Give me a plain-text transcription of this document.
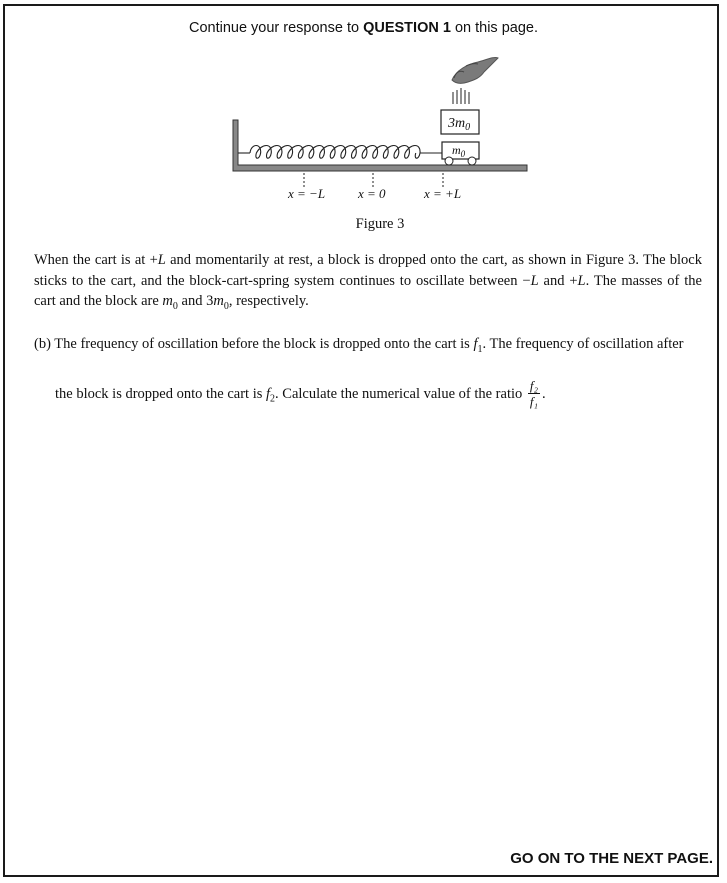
Continue your response to QUESTION 1 on this page.
$3m_0$
$m_0$
x = −L	x = 0	x = +L
Figure 3
When the cart is at +L and momentarily at rest, a block is dropped onto the cart, as shown in Figure 3. The block sticks to the cart, and the block-cart-spring system continues to oscillate between −L and +L. The masses of the cart and the block are $m_0$ and $3m_0$, respectively.
(b) The frequency of oscillation before the block is dropped onto the cart is $f_1$. The frequency of oscillation after
the block is dropped onto the cart is $f_2$. Calculate the numerical value of the ratio $\frac{\text{f₂}}{\text{f₁}}$ .
GO ON TO THE NEXT PAGE.
